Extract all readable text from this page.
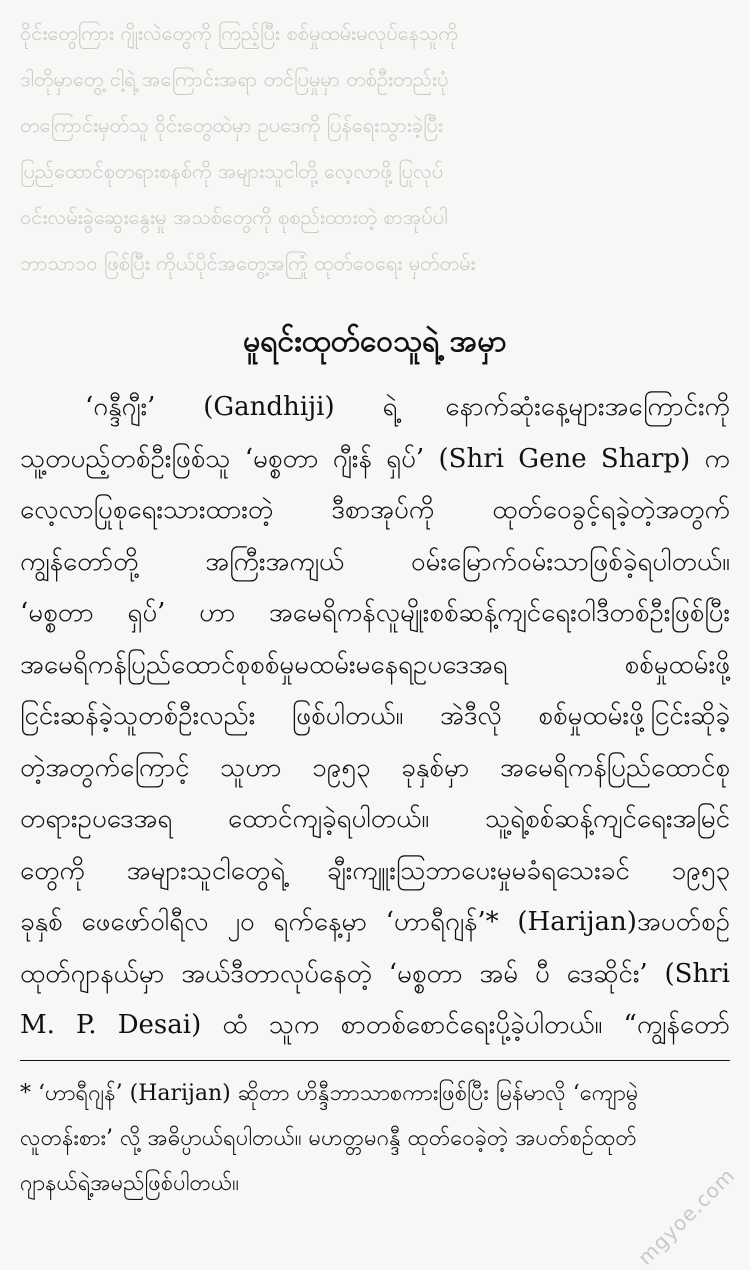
ဝိုင်းတွေကြား ဂျိုးလဲတွေကို ကြည့်ပြီး စစ်မှုထမ်းမလုပ်နေသူကို
ဒါတိုမှာတွေ့ ငါ့ရဲ့ အကြောင်းအရာ တင်ပြမှုမှာ တစ်ဦးတည်းပုံ
တကြောင်းမှတ်သူ ဝိုင်းတွေထဲမှာ ဥပဒေကို ပြန်ရေးသွားခဲ့ပြီး
ပြည်ထောင်စုတရားစနစ်ကို အများသူငါတို့ လေ့လာဖို့ ပြုလုပ်
ဝင်းလမ်းခွဲဆွေးနွေးမှု အသစ်တွေကို စုစည်းထားတဲ့ စာအုပ်ပါ
ဘာသာ၁၀ ဖြစ်ပြီး ကိုယ်ပိုင်အတွေ့အကြုံ ထုတ်ဝေရေး မှတ်တမ်း
မူရင်းထုတ်ဝေသူရဲ့ အမှာ

‘ဂန္ဒီဂျီး’ (Gandhiji) ရဲ့ နောက်ဆုံးနေ့များအကြောင်းကို

သူ့တပည့်တစ်ဦးဖြစ်သူ ‘မစ္စတာ ဂျီးန် ရှပ်’ (Shri Gene Sharp) က

လေ့လာပြုစုရေးသားထားတဲ့ ဒီစာအုပ်ကို ထုတ်ဝေခွင့်ရခဲ့တဲ့အတွက်

ကျွန်တော်တို့ အကြီးအကျယ် ဝမ်းမြောက်ဝမ်းသာဖြစ်ခဲ့ရပါတယ်။

‘မစ္စတာ ရှပ်’ ဟာ အမေရိကန်လူမျိုးစစ်ဆန့်ကျင်ရေးဝါဒီတစ်ဦးဖြစ်ပြီး

အမေရိကန်ပြည်ထောင်စုစစ်မှုမထမ်းမနေရဥပဒေအရ စစ်မှုထမ်းဖို့

ငြင်းဆန်ခဲ့သူတစ်ဦးလည်း ဖြစ်ပါတယ်။ အဲဒီလို စစ်မှုထမ်းဖို့ငြင်းဆိုခဲ့

တဲ့အတွက်ကြောင့် သူဟာ ၁၉၅၃ ခုနှစ်မှာ အမေရိကန်ပြည်ထောင်စု

တရားဥပဒေအရ ထောင်ကျခဲ့ရပါတယ်။ သူ့ရဲ့စစ်ဆန့်ကျင်ရေးအမြင်

တွေကို အများသူငါတွေရဲ့ ချီးကျူးသြဘာပေးမှုမခံရသေးခင် ၁၉၅၃

ခုနှစ် ဖေဖော်ဝါရီလ ၂၀ ရက်နေ့မှာ ‘ဟာရီဂျန်’* (Harijan)အပတ်စဉ်

ထုတ်ဂျာနယ်မှာ အယ်ဒီတာလုပ်နေတဲ့ ‘မစ္စတာ အမ် ပီ ဒေဆိုင်း’ (Shri

M. P. Desai) ထံ သူက စာတစ်စောင်ရေးပို့ခဲ့ပါတယ်။ “ကျွန်တော်

* ‘ဟာရီဂျန်’ (Harijan) ဆိုတာ ဟိန္ဒီဘာသာစကားဖြစ်ပြီး မြန်မာလို ‘ကျောမွဲ

လူတန်းစား’ လို့ အဓိပ္ပာယ်ရပါတယ်။ မဟတ္တမဂန္ဒီ ထုတ်ဝေခဲ့တဲ့ အပတ်စဉ်ထုတ်

ဂျာနယ်ရဲ့အမည်ဖြစ်ပါတယ်။	mgyoe.com
